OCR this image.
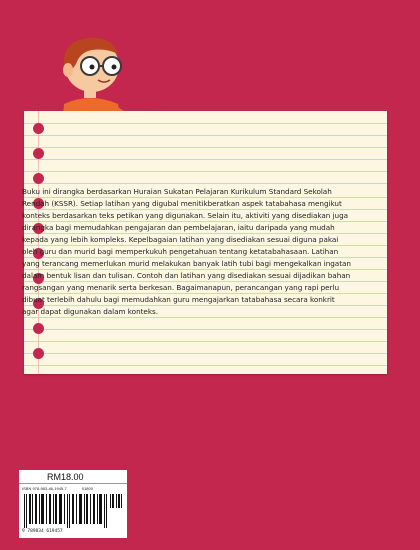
Buku ini dirangka berdasarkan Huraian Sukatan Pelajaran Kurikulum Standard Sekolah
Rendah (KSSR). Setiap latihan yang digubal menitikberatkan aspek tatabahasa mengikut
konteks berdasarkan teks petikan yang digunakan. Selain itu, aktiviti yang disediakan juga
dirangka bagi memudahkan pengajaran dan pembelajaran, iaitu daripada yang mudah
kepada yang lebih kompleks. Kepelbagaian latihan yang disediakan sesuai diguna pakai
oleh guru dan murid bagi memperkukuh pengetahuan tentang ketatabahasaan. Latihan
yang terancang memerlukan murid melakukan banyak latih tubi bagi mengekalkan ingatan
dalam bentuk lisan dan tulisan. Contoh dan latihan yang disediakan sesuai dijadikan bahan
rangsangan yang menarik serta berkesan. Bagaimanapun, perancangan yang rapi perlu
dibuat terlebih dahulu bagi memudahkan guru mengajarkan tatabahasa secara konkrit
agar dapat digunakan dalam konteks.

RM18.00
ISBN 978-983-46-1945-7	01800
9 789834 619457
